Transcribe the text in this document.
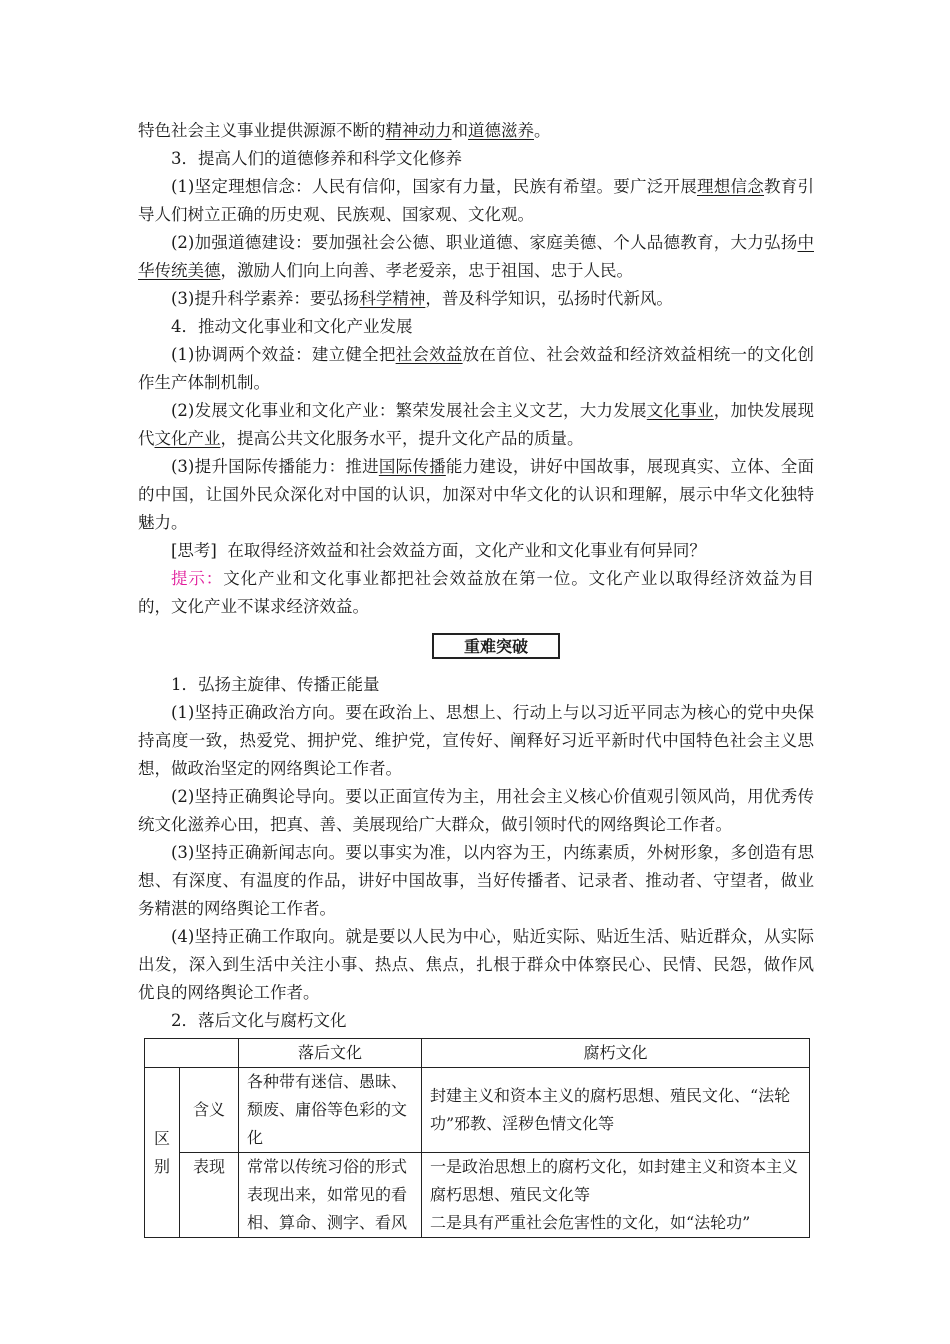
特色社会主义事业提供源源不断的精神动力和道德滋养。

3．提高人们的道德修养和科学文化修养

(1)坚定理想信念：人民有信仰，国家有力量，民族有希望。要广泛开展理想信念教育引导人们树立正确的历史观、民族观、国家观、文化观。

(2)加强道德建设：要加强社会公德、职业道德、家庭美德、个人品德教育，大力弘扬中华传统美德，激励人们向上向善、孝老爱亲，忠于祖国、忠于人民。

(3)提升科学素养：要弘扬科学精神，普及科学知识，弘扬时代新风。

4．推动文化事业和文化产业发展

(1)协调两个效益：建立健全把社会效益放在首位、社会效益和经济效益相统一的文化创作生产体制机制。

(2)发展文化事业和文化产业：繁荣发展社会主义文艺，大力发展文化事业，加快发展现代文化产业，提高公共文化服务水平，提升文化产品的质量。

(3)提升国际传播能力：推进国际传播能力建设，讲好中国故事，展现真实、立体、全面的中国，让国外民众深化对中国的认识，加深对中华文化的认识和理解，展示中华文化独特魅力。

[思考] 在取得经济效益和社会效益方面，文化产业和文化事业有何异同？

提示：文化产业和文化事业都把社会效益放在第一位。文化产业以取得经济效益为目的，文化产业不谋求经济效益。

重难突破

1．弘扬主旋律、传播正能量

(1)坚持正确政治方向。要在政治上、思想上、行动上与以习近平同志为核心的党中央保持高度一致，热爱党、拥护党、维护党，宣传好、阐释好习近平新时代中国特色社会主义思想，做政治坚定的网络舆论工作者。

(2)坚持正确舆论导向。要以正面宣传为主，用社会主义核心价值观引领风尚，用优秀传统文化滋养心田，把真、善、美展现给广大群众，做引领时代的网络舆论工作者。

(3)坚持正确新闻志向。要以事实为准，以内容为王，内练素质，外树形象，多创造有思想、有深度、有温度的作品，讲好中国故事，当好传播者、记录者、推动者、守望者，做业务精湛的网络舆论工作者。

(4)坚持正确工作取向。就是要以人民为中心，贴近实际、贴近生活、贴近群众，从实际出发，深入到生活中关注小事、热点、焦点，扎根于群众中体察民心、民情、民怨，做作风优良的网络舆论工作者。

2．落后文化与腐朽文化

		落后文化	腐朽文化
区别	含义	各种带有迷信、愚昧、颓废、庸俗等色彩的文化	封建主义和资本主义的腐朽思想、殖民文化、“法轮功”邪教、淫秽色情文化等
	表现	常常以传统习俗的形式表现出来，如常见的看相、算命、测字、看风	一是政治思想上的腐朽文化，如封建主义和资本主义腐朽思想、殖民文化等
二是具有严重社会危害性的文化，如“法轮功”
